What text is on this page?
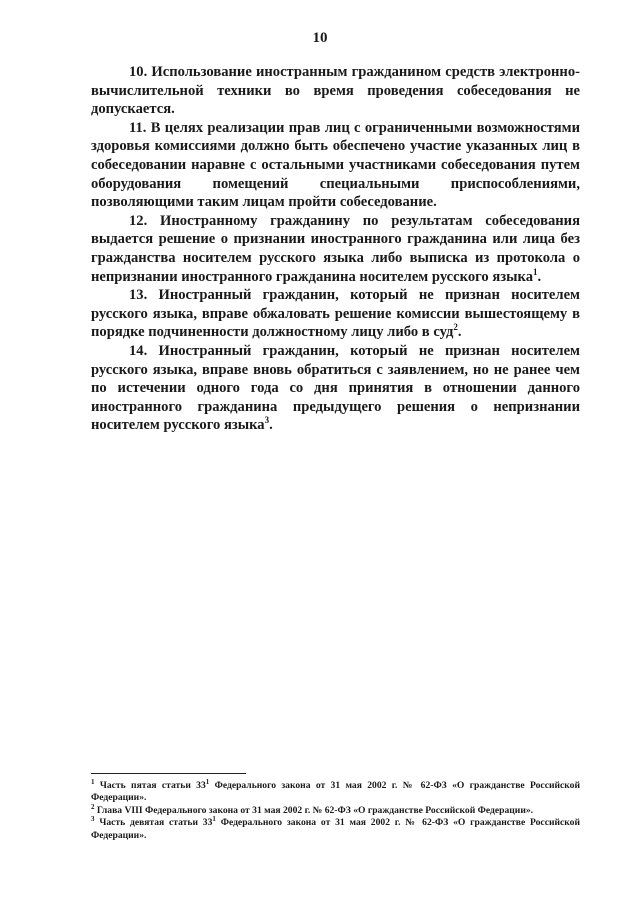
10

10. Использование иностранным гражданином средств электронно-вычислительной техники во время проведения собеседования не допускается.

11. В целях реализации прав лиц с ограниченными возможностями здоровья комиссиями должно быть обеспечено участие указанных лиц в собеседовании наравне с остальными участниками собеседования путем оборудования помещений специальными приспособлениями, позволяющими таким лицам пройти собеседование.

12. Иностранному гражданину по результатам собеседования выдается решение о признании иностранного гражданина или лица без гражданства носителем русского языка либо выписка из протокола о непризнании иностранного гражданина носителем русского языка$^1$.

13. Иностранный гражданин, который не признан носителем русского языка, вправе обжаловать решение комиссии вышестоящему в порядке подчиненности должностному лицу либо в суд$^2$.

14. Иностранный гражданин, который не признан носителем русского языка, вправе вновь обратиться с заявлением, но не ранее чем по истечении одного года со дня принятия в отношении данного иностранного гражданина предыдущего решения о непризнании носителем русского языка$^3$.

$^1$ Часть пятая статьи $33^1$ Федерального закона от 31 мая 2002 г. № 62-ФЗ «О гражданстве Российской Федерации».

$^2$ Глава VIII Федерального закона от 31 мая 2002 г. № 62-ФЗ «О гражданстве Российской Федерации».

$^3$ Часть девятая статьи $33^1$ Федерального закона от 31 мая 2002 г. № 62-ФЗ «О гражданстве Российской Федерации».
